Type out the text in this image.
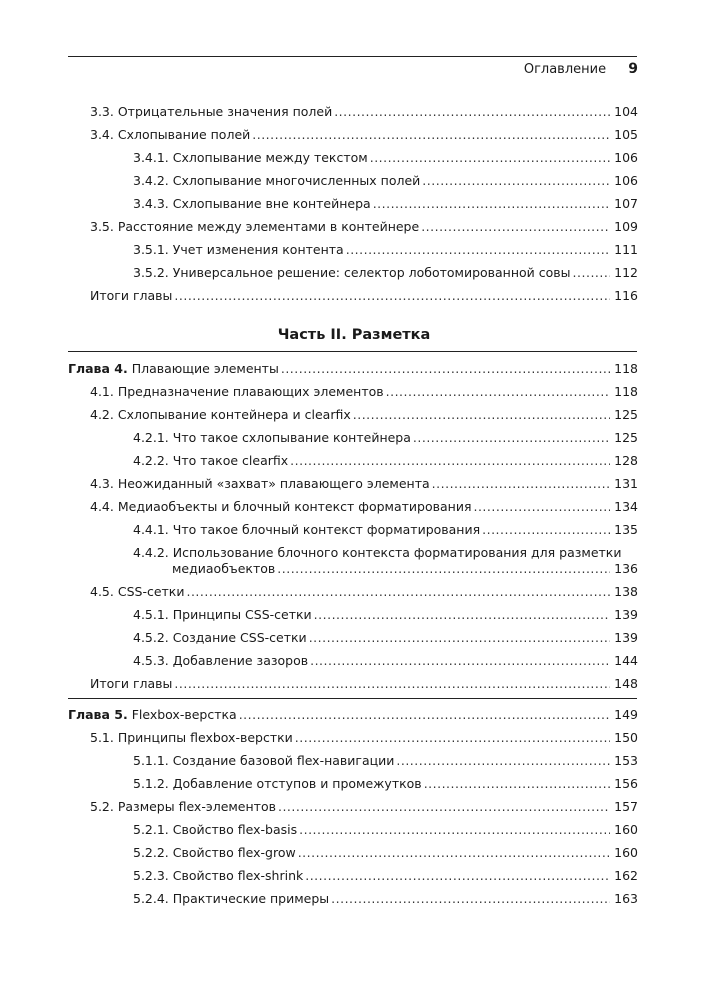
Оглавление 9
3.3. Отрицательные значения полей .....	104
3.4. Схлопывание полей .....	105
3.4.1. Схлопывание между текстом .....	106
3.4.2. Схлопывание многочисленных полей .....	106
3.4.3. Схлопывание вне контейнера .....	107
3.5. Расстояние между элементами в контейнере .....	109
3.5.1. Учет изменения контента .....	111
3.5.2. Универсальное решение: селектор лоботомированной совы .....	112
Итоги главы .....	116
Часть II. Разметка
Глава 4. Плавающие элементы .....	118
4.1. Предназначение плавающих элементов .....	118
4.2. Схлопывание контейнера и clearfix .....	125
4.2.1. Что такое схлопывание контейнера .....	125
4.2.2. Что такое clearfix .....	128
4.3. Неожиданный «захват» плавающего элемента .....	131
4.4. Медиаобъекты и блочный контекст форматирования .....	134
4.4.1. Что такое блочный контекст форматирования .....	135
4.4.2. Использование блочного контекста форматирования для разметки
медиаобъектов .....	136
4.5. CSS-сетки .....	138
4.5.1. Принципы CSS-сетки .....	139
4.5.2. Создание CSS-сетки .....	139
4.5.3. Добавление зазоров .....	144
Итоги главы .....	148
Глава 5. Flexbox-верстка .....	149
5.1. Принципы flexbox-верстки .....	150
5.1.1. Создание базовой flex-навигации .....	153
5.1.2. Добавление отступов и промежутков .....	156
5.2. Размеры flex-элементов .....	157
5.2.1. Свойство flex-basis .....	160
5.2.2. Свойство flex-grow .....	160
5.2.3. Свойство flex-shrink .....	162
5.2.4. Практические примеры .....	163
